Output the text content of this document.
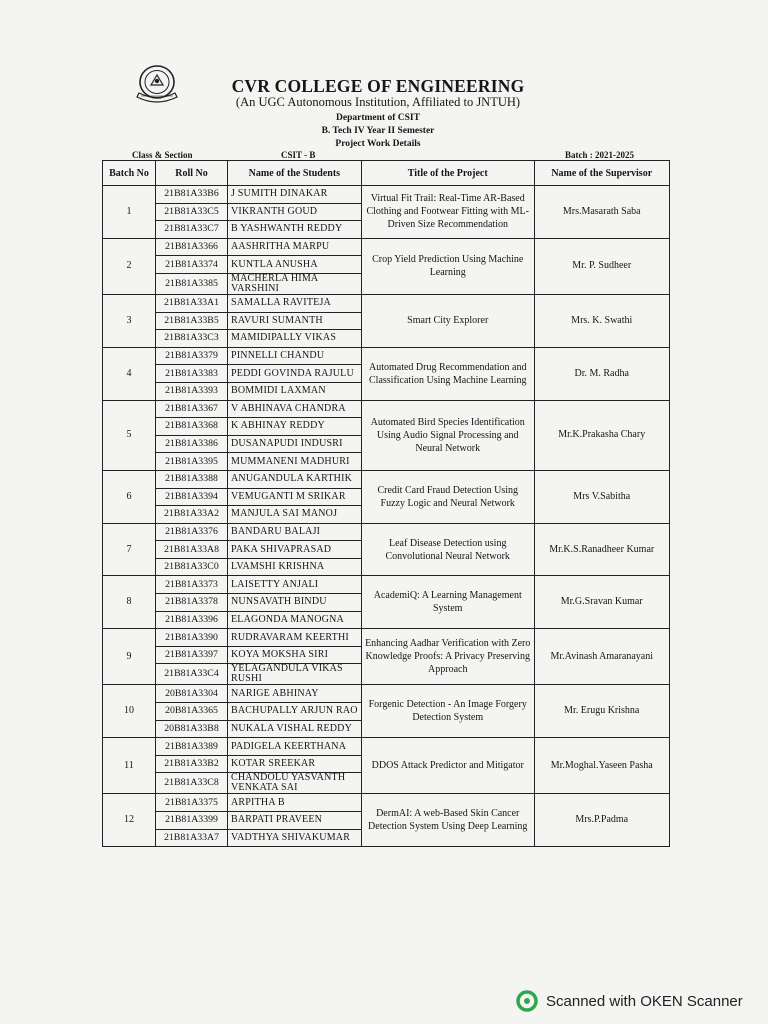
CVR COLLEGE OF ENGINEERING
(An UGC Autonomous Institution, Affiliated to JNTUH)
Department of CSIT
B. Tech IV Year II Semester
Project Work Details
Class & Section	CSIT - B	Batch : 2021-2025
Batch No	Roll No	Name of the Students	Title of the Project	Name of the Supervisor
1	21B81A33B6	J SUMITH DINAKAR	Virtual Fit Trail: Real-Time AR-Based Clothing and Footwear Fitting with ML-Driven Size Recommendation	Mrs.Masarath Saba
	21B81A33C5	VIKRANTH GOUD		
	21B81A33C7	B YASHWANTH REDDY		
2	21B81A3366	AASHRITHA MARPU	Crop Yield Prediction Using Machine Learning	Mr. P. Sudheer
	21B81A3374	KUNTLA ANUSHA		
	21B81A3385	MACHERLA HIMA VARSHINI		
3	21B81A33A1	SAMALLA RAVITEJA	Smart City Explorer	Mrs. K. Swathi
	21B81A33B5	RAVURI SUMANTH		
	21B81A33C3	MAMIDIPALLY VIKAS		
4	21B81A3379	PINNELLI CHANDU	Automated Drug Recommendation and Classification Using Machine Learning	Dr. M. Radha
	21B81A3383	PEDDI GOVINDA RAJULU		
	21B81A3393	BOMMIDI LAXMAN		
5	21B81A3367	V ABHINAVA CHANDRA	Automated Bird Species Identification Using Audio Signal Processing and Neural Network	Mr.K.Prakasha Chary
	21B81A3368	K ABHINAY REDDY		
	21B81A3386	DUSANAPUDI INDUSRI		
	21B81A3395	MUMMANENI MADHURI		
6	21B81A3388	ANUGANDULA KARTHIK	Credit Card Fraud Detection Using Fuzzy Logic and Neural Network	Mrs V.Sabitha
	21B81A3394	VEMUGANTI M SRIKAR		
	21B81A33A2	MANJULA SAI MANOJ		
7	21B81A3376	BANDARU BALAJI	Leaf Disease Detection using Convolutional Neural Network	Mr.K.S.Ranadheer Kumar
	21B81A33A8	PAKA SHIVAPRASAD		
	21B81A33C0	LVAMSHI KRISHNA		
8	21B81A3373	LAISETTY ANJALI	AcademiQ: A Learning Management System	Mr.G.Sravan Kumar
	21B81A3378	NUNSAVATH BINDU		
	21B81A3396	ELAGONDA MANOGNA		
9	21B81A3390	RUDRAVARAM KEERTHI	Enhancing Aadhar Verification with Zero Knowledge Proofs: A Privacy Preserving Approach	Mr.Avinash Amaranayani
	21B81A3397	KOYA MOKSHA SIRI		
	21B81A33C4	YELAGANDULA VIKAS RUSHI		
10	20B81A3304	NARIGE ABHINAY	Forgenic Detection - An Image Forgery Detection System	Mr. Erugu Krishna
	20B81A3365	BACHUPALLY ARJUN RAO		
	20B81A33B8	NUKALA VISHAL REDDY		
11	21B81A3389	PADIGELA KEERTHANA	DDOS Attack Predictor and Mitigator	Mr.Moghal.Yaseen Pasha
	21B81A33B2	KOTAR SREEKAR		
	21B81A33C8	CHANDOLU YASVANTH VENKATA SAI		
12	21B81A3375	ARPITHA B	DermAI: A web-Based Skin Cancer Detection System Using Deep Learning	Mrs.P.Padma
	21B81A3399	BARPATI PRAVEEN		
	21B81A33A7	VADTHYA SHIVAKUMAR		
Scanned with OKEN Scanner
